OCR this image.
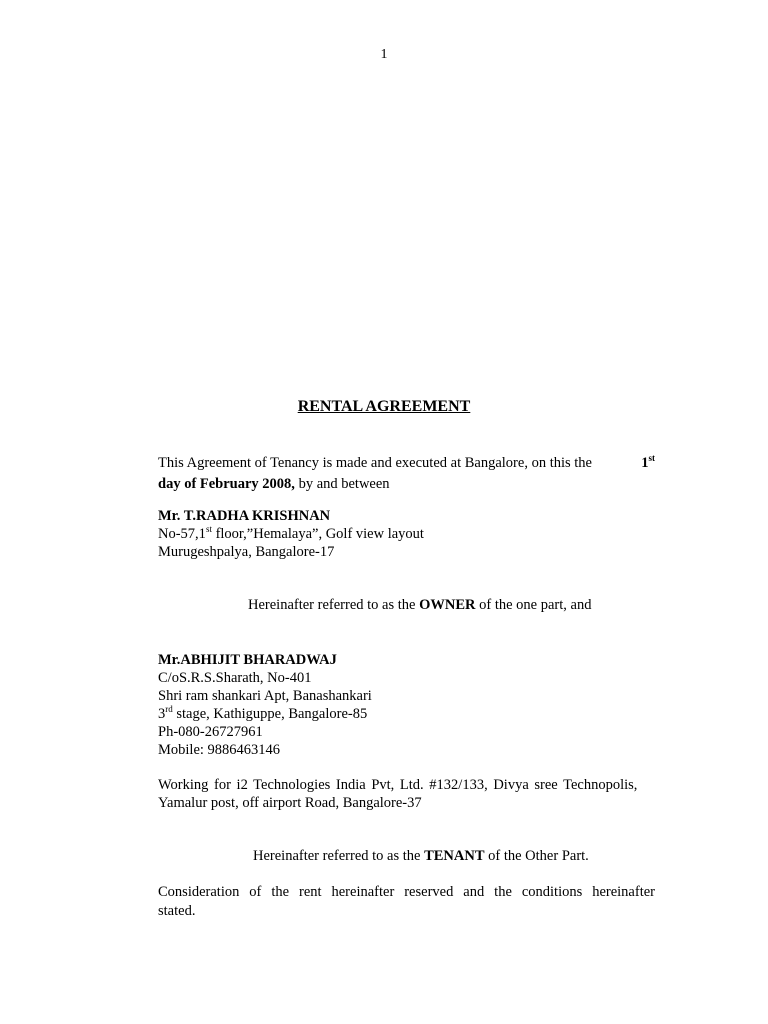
1
RENTAL AGREEMENT
This Agreement of Tenancy is made and executed at Bangalore, on this the	1st
day of February 2008, by and between
Mr. T.RADHA KRISHNAN
No-57,1st floor,”Hemalaya”, Golf view layout
Murugeshpalya, Bangalore-17
Hereinafter referred to as the OWNER of the one part, and
Mr.ABHIJIT BHARADWAJ
C/oS.R.S.Sharath, No-401
Shri ram shankari Apt, Banashankari
3rd stage, Kathiguppe, Bangalore-85
Ph-080-26727961
Mobile: 9886463146
Working for i2 Technologies India Pvt, Ltd. #132/133, Divya sree Technopolis,
Yamalur post, off airport Road, Bangalore-37
Hereinafter referred to as the TENANT of the Other Part.
Consideration of the rent hereinafter reserved and the conditions hereinafter
stated.
